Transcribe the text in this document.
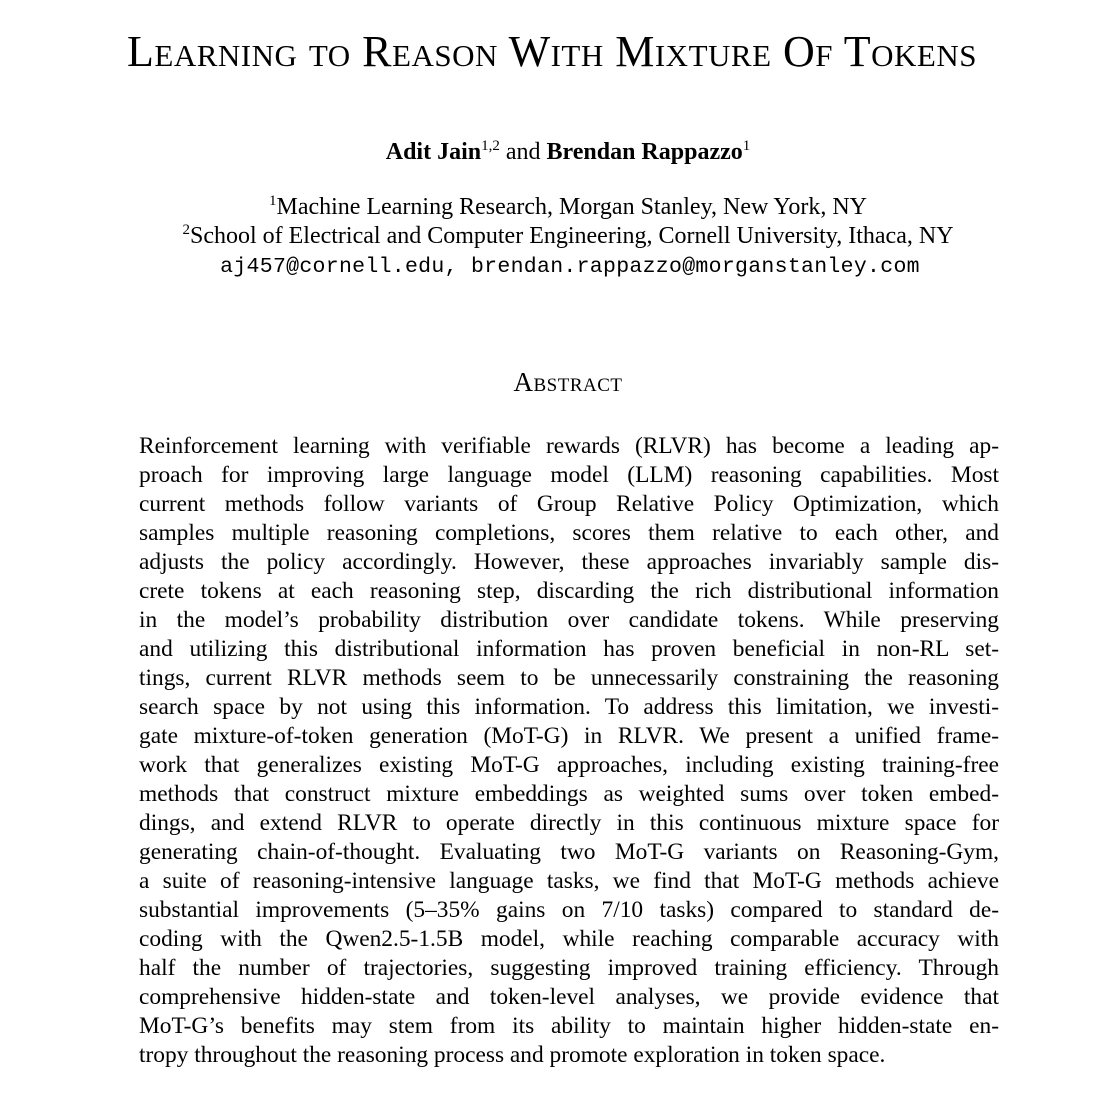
Learning to Reason With Mixture Of Tokens
Adit Jain$^{1,2}$ and Brendan Rappazzo$^1$
$^1$Machine Learning Research, Morgan Stanley, New York, NY
$^2$School of Electrical and Computer Engineering, Cornell University, Ithaca, NY
aj457@cornell.edu, brendan.rappazzo@morganstanley.com
Abstract
Reinforcement learning with verifiable rewards (RLVR) has become a leading ap-
proach for improving large language model (LLM) reasoning capabilities. Most
current methods follow variants of Group Relative Policy Optimization, which
samples multiple reasoning completions, scores them relative to each other, and
adjusts the policy accordingly. However, these approaches invariably sample dis-
crete tokens at each reasoning step, discarding the rich distributional information
in the model’s probability distribution over candidate tokens. While preserving
and utilizing this distributional information has proven beneficial in non-RL set-
tings, current RLVR methods seem to be unnecessarily constraining the reasoning
search space by not using this information. To address this limitation, we investi-
gate mixture-of-token generation (MoT-G) in RLVR. We present a unified frame-
work that generalizes existing MoT-G approaches, including existing training-free
methods that construct mixture embeddings as weighted sums over token embed-
dings, and extend RLVR to operate directly in this continuous mixture space for
generating chain-of-thought. Evaluating two MoT-G variants on Reasoning-Gym,
a suite of reasoning-intensive language tasks, we find that MoT-G methods achieve
substantial improvements (5–35% gains on 7/10 tasks) compared to standard de-
coding with the Qwen2.5-1.5B model, while reaching comparable accuracy with
half the number of trajectories, suggesting improved training efficiency. Through
comprehensive hidden-state and token-level analyses, we provide evidence that
MoT-G’s benefits may stem from its ability to maintain higher hidden-state en-
tropy throughout the reasoning process and promote exploration in token space.
